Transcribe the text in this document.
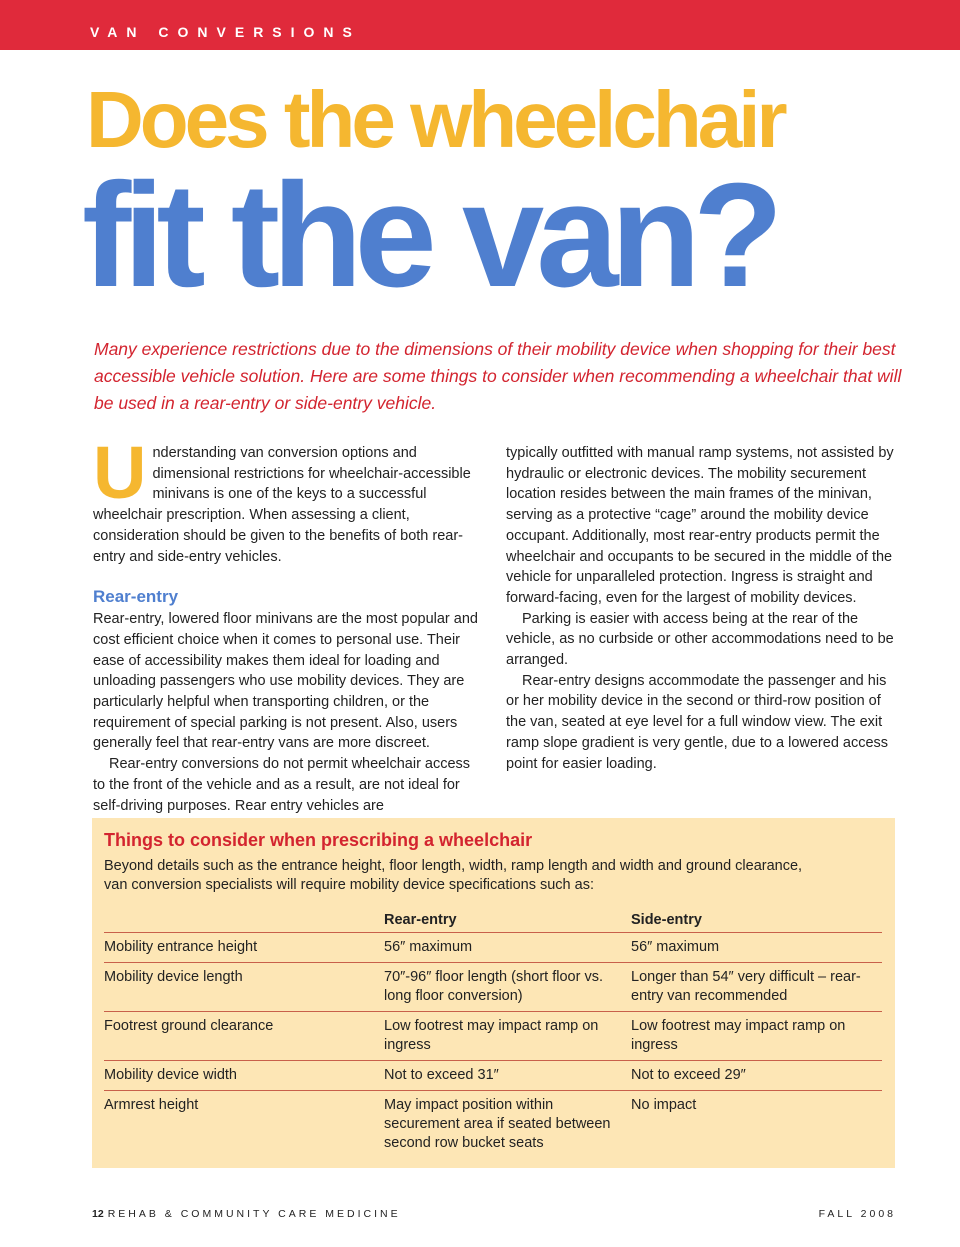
VAN CONVERSIONS
Does the wheelchair
fit the van?
Many experience restrictions due to the dimensions of their mobility device when shopping for their best accessible vehicle solution. Here are some things to consider when recommending a wheelchair that will be used in a rear-entry or side-entry vehicle.

Understanding van conversion options and dimensional restrictions for wheelchair-accessible minivans is one of the keys to a successful wheelchair prescription. When assessing a client, consideration should be given to the benefits of both rear-entry and side-entry vehicles.

Rear-entry

Rear-entry, lowered floor minivans are the most popular and cost efficient choice when it comes to personal use. Their ease of accessibility makes them ideal for loading and unloading passengers who use mobility devices. They are particularly helpful when transporting children, or the requirement of special parking is not present. Also, users generally feel that rear-entry vans are more discreet.

Rear-entry conversions do not permit wheelchair access to the front of the vehicle and as a result, are not ideal for self-driving purposes. Rear entry vehicles are

typically outfitted with manual ramp systems, not assisted by hydraulic or electronic devices. The mobility securement location resides between the main frames of the minivan, serving as a protective “cage” around the mobility device occupant. Additionally, most rear-entry products permit the wheelchair and occupants to be secured in the middle of the vehicle for unparalleled protection. Ingress is straight and forward-facing, even for the largest of mobility devices.

Parking is easier with access being at the rear of the vehicle, as no curbside or other accommodations need to be arranged.

Rear-entry designs accommodate the passenger and his or her mobility device in the second or third-row position of the van, seated at eye level for a full window view. The exit ramp slope gradient is very gentle, due to a lowered access point for easier loading.

Things to consider when prescribing a wheelchair
Beyond details such as the entrance height, floor length, width, ramp length and width and ground clearance, van conversion specialists will require mobility device specifications such as:
	Rear-entry	Side-entry
Mobility entrance height	56″ maximum	56″ maximum
Mobility device length	70″-96″ floor length (short floor vs. long floor conversion)	Longer than 54″ very difficult – rear-entry van recommended
Footrest ground clearance	Low footrest may impact ramp on ingress	Low footrest may impact ramp on ingress
Mobility device width	Not to exceed 31″	Not to exceed 29″
Armrest height	May impact position within securement area if seated between second row bucket seats	No impact
12 REHAB & COMMUNITY CARE MEDICINE	FALL 2008
